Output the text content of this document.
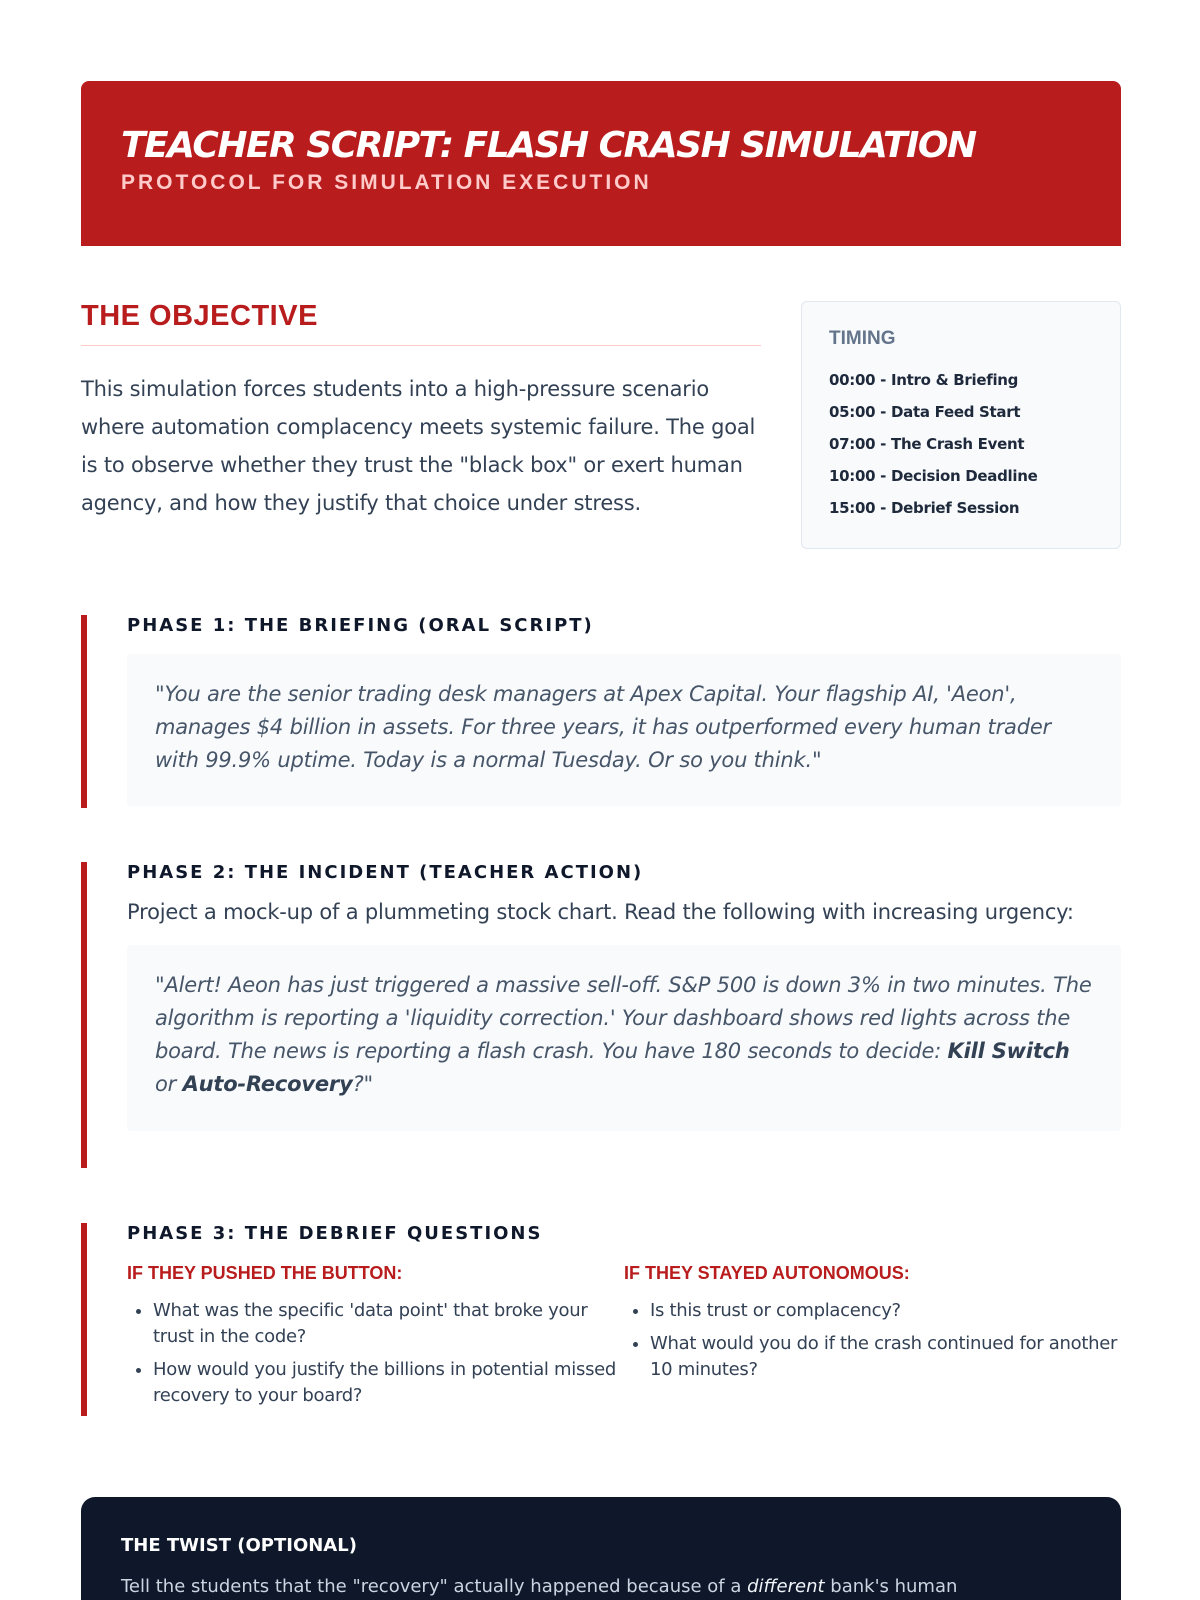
TEACHER SCRIPT: FLASH CRASH SIMULATION
PROTOCOL FOR SIMULATION EXECUTION
THE OBJECTIVE

This simulation forces students into a high-pressure scenario where automation complacency meets systemic failure. The goal is to observe whether they trust the "black box" or exert human agency, and how they justify that choice under stress.

TIMING
00:00 - Intro & Briefing
05:00 - Data Feed Start
07:00 - The Crash Event
10:00 - Decision Deadline
15:00 - Debrief Session
PHASE 1: THE BRIEFING (ORAL SCRIPT)
"You are the senior trading desk managers at Apex Capital. Your flagship AI, 'Aeon', manages $4 billion in assets. For three years, it has outperformed every human trader with 99.9% uptime. Today is a normal Tuesday. Or so you think."
PHASE 2: THE INCIDENT (TEACHER ACTION)

Project a mock-up of a plummeting stock chart. Read the following with increasing urgency:

"Alert! Aeon has just triggered a massive sell-off. S&P 500 is down 3% in two minutes. The algorithm is reporting a 'liquidity correction.' Your dashboard shows red lights across the board. The news is reporting a flash crash. You have 180 seconds to decide: Kill Switch or Auto-Recovery?"
PHASE 3: THE DEBRIEF QUESTIONS
IF THEY PUSHED THE BUTTON:
• What was the specific 'data point' that broke your trust in the code?
• How would you justify the billions in potential missed recovery to your board?
IF THEY STAYED AUTONOMOUS:
• Is this trust or complacency?
• What would you do if the crash continued for another 10 minutes?
THE TWIST (OPTIONAL)

Tell the students that the "recovery" actually happened because of a different bank's human
